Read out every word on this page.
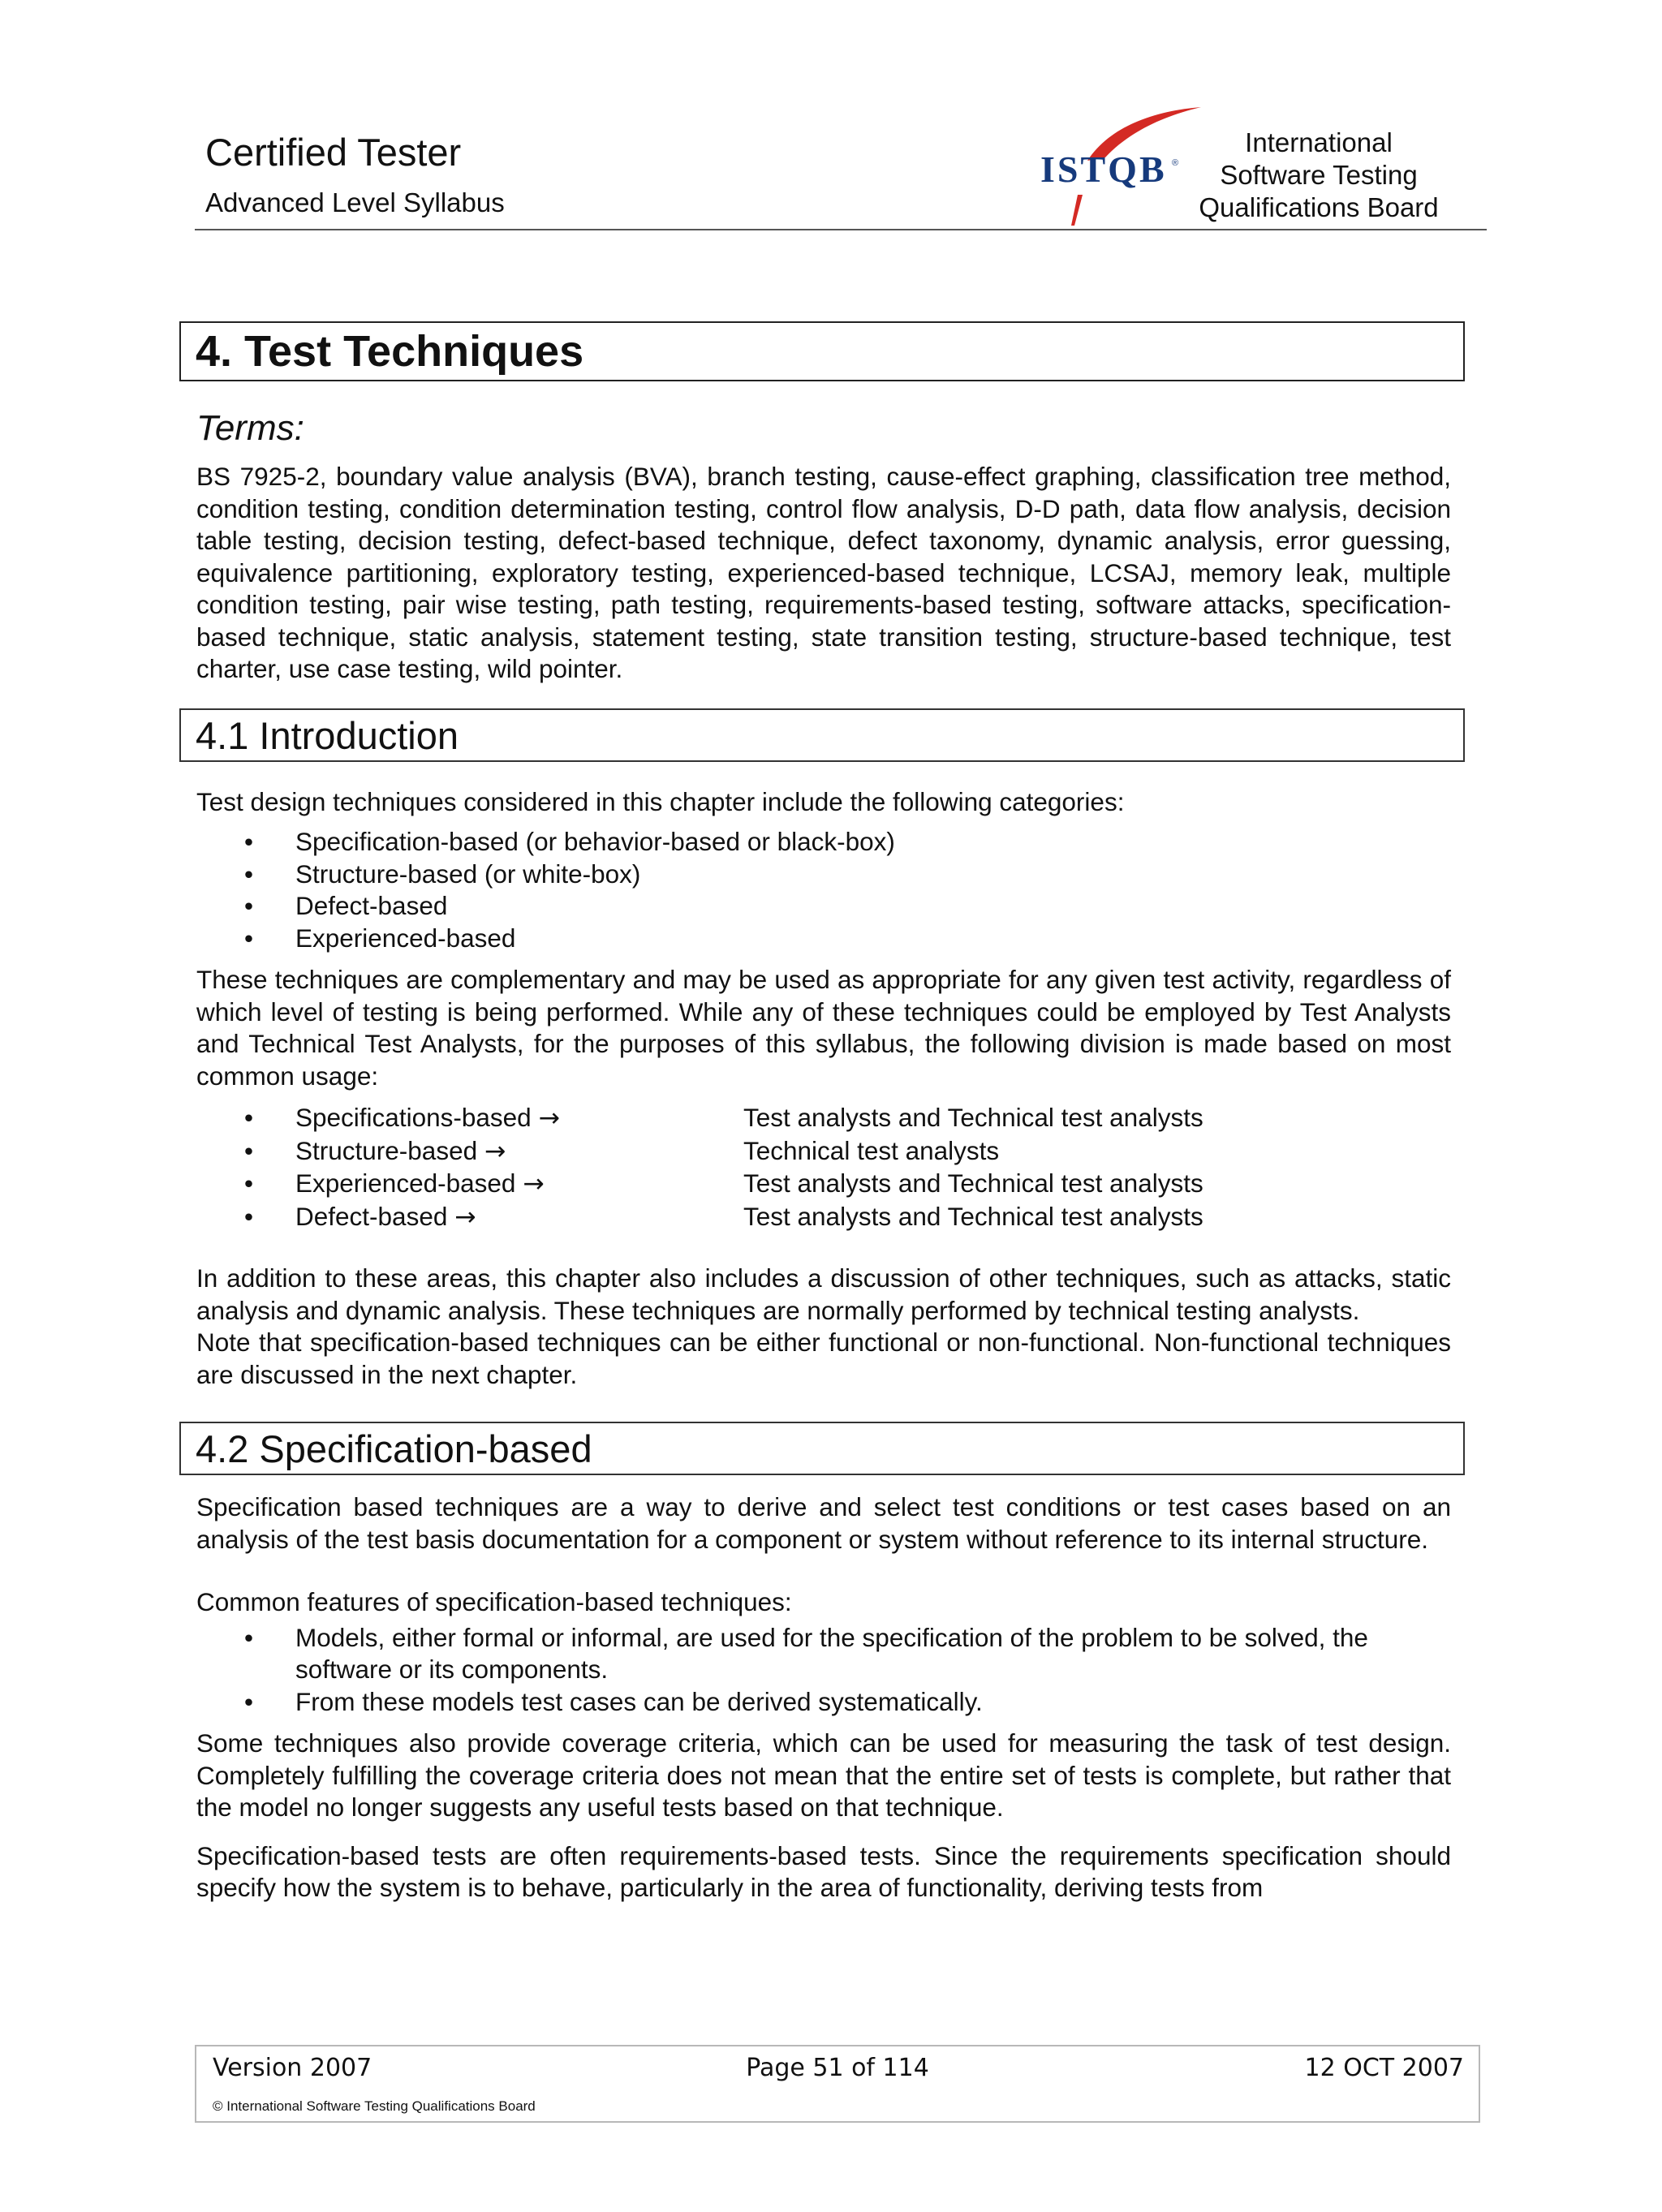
Certified Tester
Advanced Level Syllabus
ISTQB ®
International
Software Testing
Qualifications Board
4. Test Techniques
Terms:

BS 7925-2, boundary value analysis (BVA), branch testing, cause-effect graphing, classification tree method, condition testing, condition determination testing, control flow analysis, D-D path, data flow analysis, decision table testing, decision testing, defect-based technique, defect taxonomy, dynamic analysis, error guessing, equivalence partitioning, exploratory testing, experienced-based technique, LCSAJ, memory leak, multiple condition testing, pair wise testing, path testing, requirements-based testing, software attacks, specification-based technique, static analysis, statement testing, state transition testing, structure-based technique, test charter, use case testing, wild pointer.

4.1 Introduction

Test design techniques considered in this chapter include the following categories:

• Specification-based (or behavior-based or black-box)
• Structure-based (or white-box)
• Defect-based
• Experienced-based

These techniques are complementary and may be used as appropriate for any given test activity, regardless of which level of testing is being performed. While any of these techniques could be employed by Test Analysts and Technical Test Analysts, for the purposes of this syllabus, the following division is made based on most common usage:

• Specifications-based →	Test analysts and Technical test analysts
• Structure-based →	Technical test analysts
• Experienced-based →	Test analysts and Technical test analysts
• Defect-based →	Test analysts and Technical test analysts

In addition to these areas, this chapter also includes a discussion of other techniques, such as attacks, static analysis and dynamic analysis. These techniques are normally performed by technical testing analysts.

Note that specification-based techniques can be either functional or non-functional. Non-functional techniques are discussed in the next chapter.

4.2 Specification-based

Specification based techniques are a way to derive and select test conditions or test cases based on an analysis of the test basis documentation for a component or system without reference to its internal structure.

Common features of specification-based techniques:

• Models, either formal or informal, are used for the specification of the problem to be solved, the software or its components.
• From these models test cases can be derived systematically.

Some techniques also provide coverage criteria, which can be used for measuring the task of test design. Completely fulfilling the coverage criteria does not mean that the entire set of tests is complete, but rather that the model no longer suggests any useful tests based on that technique.

Specification-based tests are often requirements-based tests. Since the requirements specification should specify how the system is to behave, particularly in the area of functionality, deriving tests from

Version 2007	Page 51 of 114	12 OCT 2007
© International Software Testing Qualifications Board
